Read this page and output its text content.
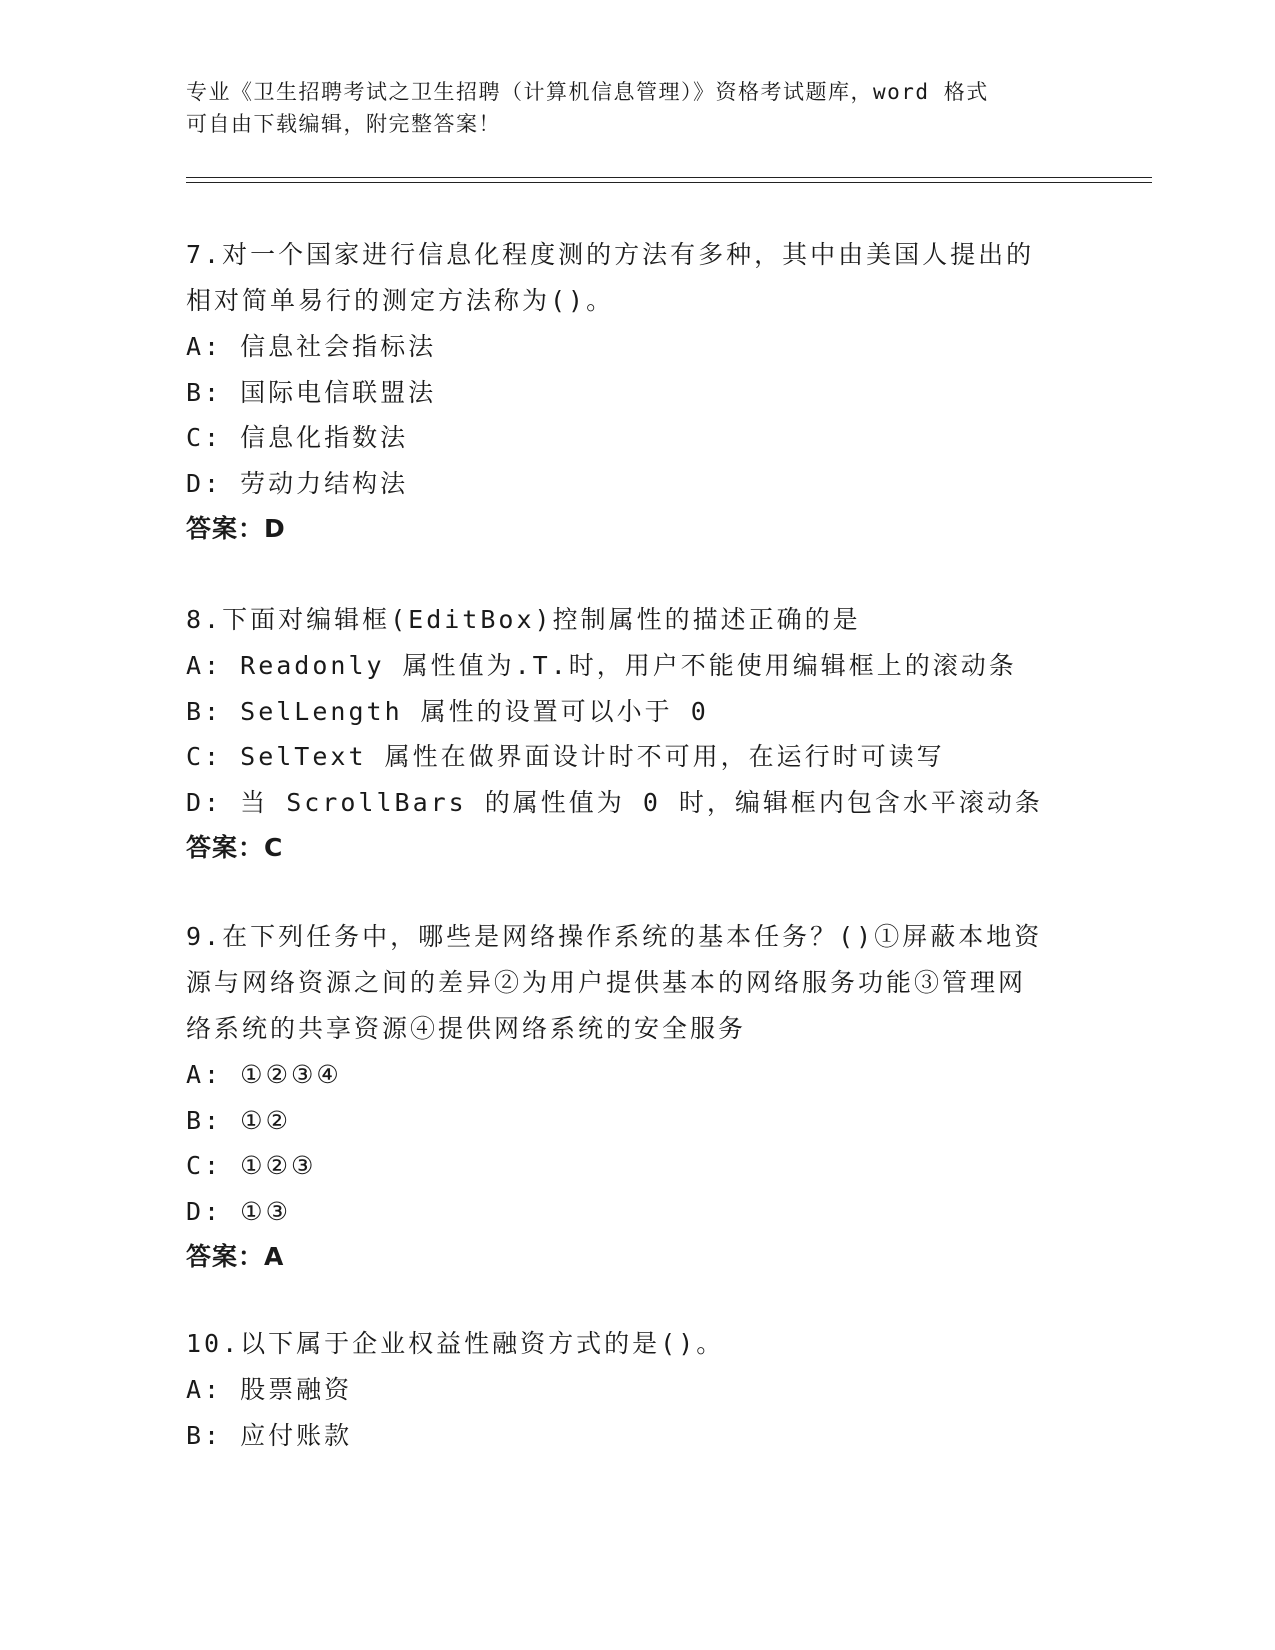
专业《卫生招聘考试之卫生招聘（计算机信息管理）》资格考试题库，word 格式
可自由下载编辑，附完整答案！
7.对一个国家进行信息化程度测的方法有多种，其中由美国人提出的
相对简单易行的测定方法称为()。
A: 信息社会指标法
B: 国际电信联盟法
C: 信息化指数法
D: 劳动力结构法
答案：D
8.下面对编辑框(EditBox)控制属性的描述正确的是
A: Readonly 属性值为.T.时，用户不能使用编辑框上的滚动条
B: SelLength 属性的设置可以小于 0
C: SelText 属性在做界面设计时不可用，在运行时可读写
D: 当 ScrollBars 的属性值为 0 时，编辑框内包含水平滚动条
答案：C
9.在下列任务中，哪些是网络操作系统的基本任务？()①屏蔽本地资
源与网络资源之间的差异②为用户提供基本的网络服务功能③管理网
络系统的共享资源④提供网络系统的安全服务
A: ①②③④
B: ①②
C: ①②③
D: ①③
答案：A
10.以下属于企业权益性融资方式的是()。
A: 股票融资
B: 应付账款
